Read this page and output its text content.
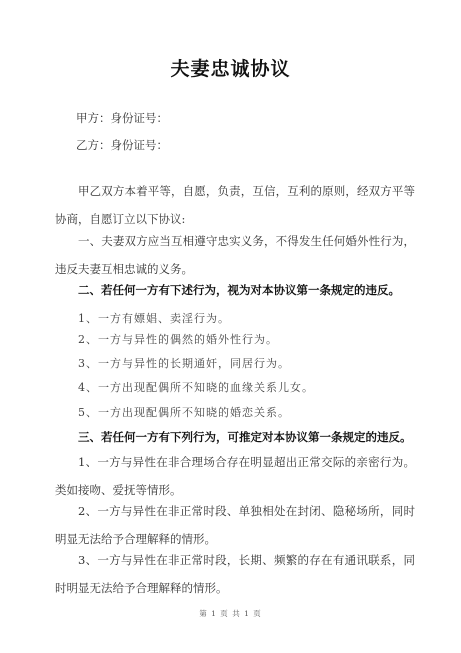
夫妻忠诚协议
甲方：身份证号：
乙方：身份证号：
甲乙双方本着平等，自愿，负责，互信，互利的原则，经双方平等协商，自愿订立以下协议:
一、夫妻双方应当互相遵守忠实义务，不得发生任何婚外性行为，违反夫妻互相忠诚的义务。
二、若任何一方有下述行为，视为对本协议第一条规定的违反。
1、一方有嫖娼、卖淫行为。
2、一方与异性的偶然的婚外性行为。
3、一方与异性的长期通奸，同居行为。
4、一方出现配偶所不知晓的血缘关系儿女。
5、一方出现配偶所不知晓的婚恋关系。
三、若任何一方有下列行为，可推定对本协议第一条规定的违反。
1、一方与异性在非合理场合存在明显超出正常交际的亲密行为。类如接吻、爱抚等情形。
2、一方与异性在非正常时段、单独相处在封闭、隐秘场所，同时明显无法给予合理解释的情形。
3、一方与异性在非正常时段，长期、频繁的存在有通讯联系，同时明显无法给予合理解释的情形。
第 1 页 共 1 页
